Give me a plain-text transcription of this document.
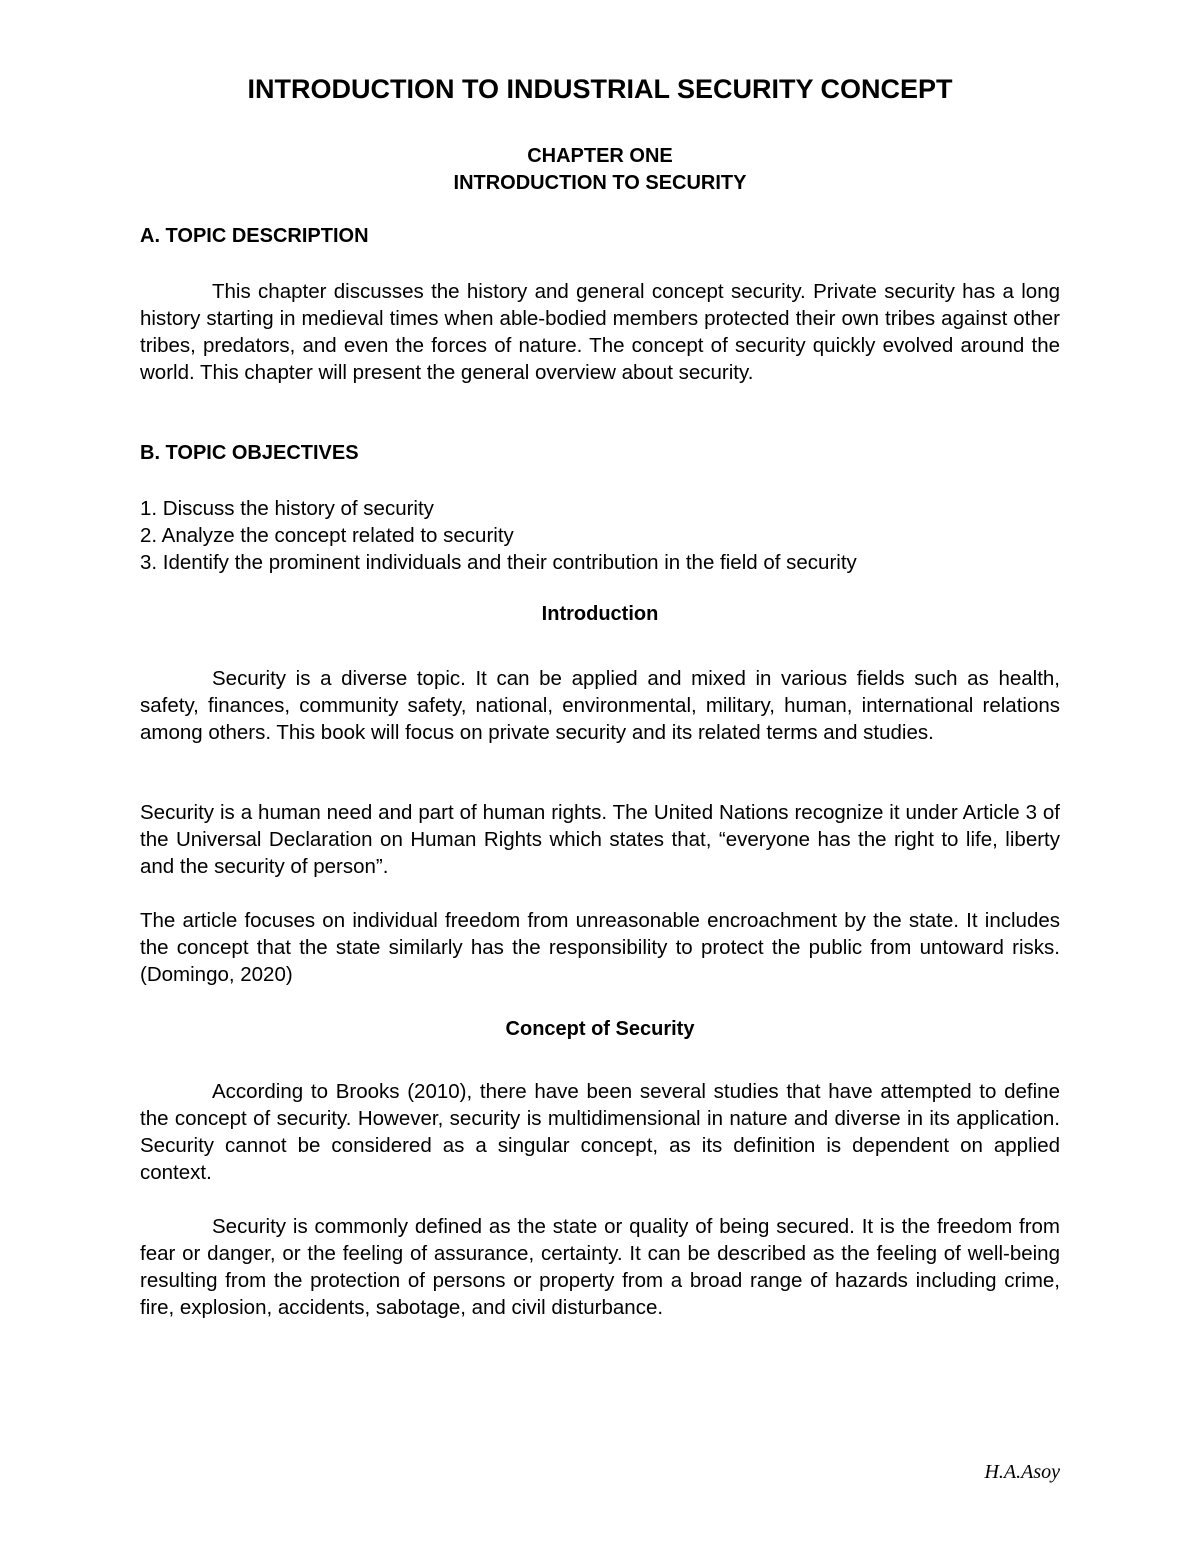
INTRODUCTION TO INDUSTRIAL SECURITY CONCEPT
CHAPTER ONE
INTRODUCTION TO SECURITY
A. TOPIC DESCRIPTION

This chapter discusses the history and general concept security. Private security has a long history starting in medieval times when able-bodied members protected their own tribes against other tribes, predators, and even the forces of nature. The concept of security quickly evolved around the world. This chapter will present the general overview about security.

B. TOPIC OBJECTIVES
1. Discuss the history of security
2. Analyze the concept related to security
3. Identify the prominent individuals and their contribution in the field of security
Introduction

Security is a diverse topic. It can be applied and mixed in various fields such as health, safety, finances, community safety, national, environmental, military, human, international relations among others. This book will focus on private security and its related terms and studies.

Security is a human need and part of human rights. The United Nations recognize it under Article 3 of the Universal Declaration on Human Rights which states that, “everyone has the right to life, liberty and the security of person”.

The article focuses on individual freedom from unreasonable encroachment by the state. It includes the concept that the state similarly has the responsibility to protect the public from untoward risks. (Domingo, 2020)

Concept of Security

According to Brooks (2010), there have been several studies that have attempted to define the concept of security. However, security is multidimensional in nature and diverse in its application. Security cannot be considered as a singular concept, as its definition is dependent on applied context.

Security is commonly defined as the state or quality of being secured. It is the freedom from fear or danger, or the feeling of assurance, certainty. It can be described as the feeling of well-being resulting from the protection of persons or property from a broad range of hazards including crime, fire, explosion, accidents, sabotage, and civil disturbance.

H.A.Asoy
